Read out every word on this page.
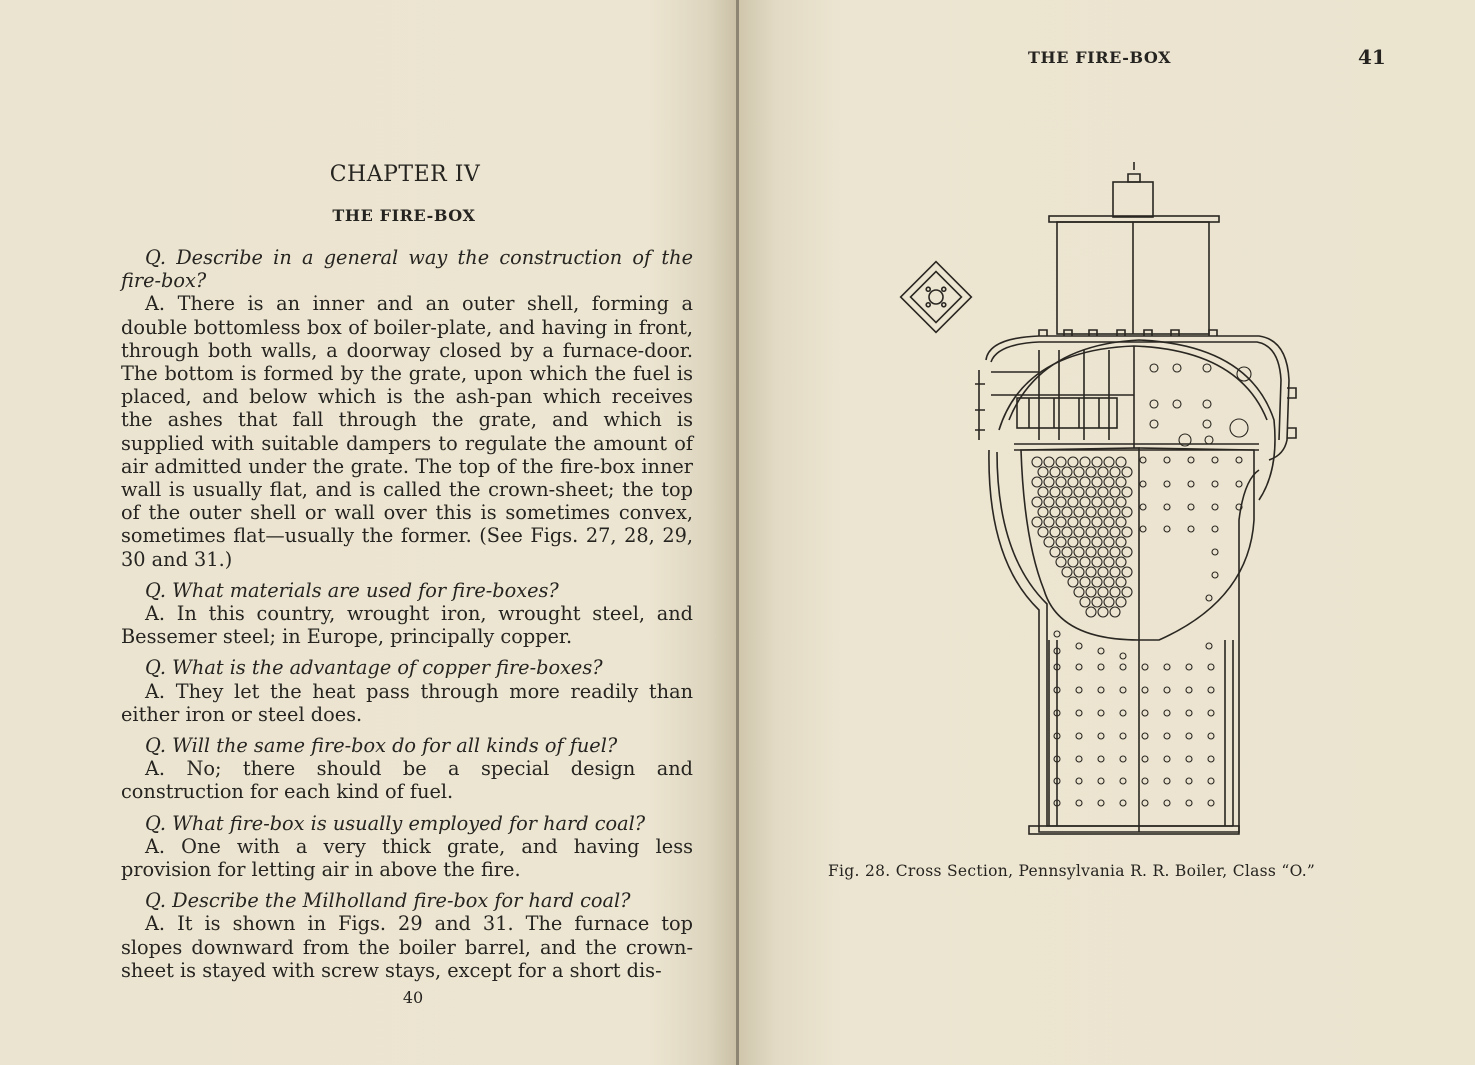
CHAPTER IV
THE FIRE-BOX
Q. Describe in a general way the construction of the fire-box?
A. There is an inner and an outer shell, forming a double bottomless box of boiler-plate, and having in front, through both walls, a doorway closed by a furnace-door. The bottom is formed by the grate, upon which the fuel is placed, and below which is the ash-pan which receives the ashes that fall through the grate, and which is supplied with suitable dampers to regulate the amount of air admitted under the grate. The top of the fire-box inner wall is usually flat, and is called the crown-sheet; the top of the outer shell or wall over this is sometimes convex, sometimes flat—usually the former. (See Figs. 27, 28, 29, 30 and 31.)
Q. What materials are used for fire-boxes?
A. In this country, wrought iron, wrought steel, and Bessemer steel; in Europe, principally copper.
Q. What is the advantage of copper fire-boxes?
A. They let the heat pass through more readily than either iron or steel does.
Q. Will the same fire-box do for all kinds of fuel?
A. No; there should be a special design and construction for each kind of fuel.
Q. What fire-box is usually employed for hard coal?
A. One with a very thick grate, and having less provision for letting air in above the fire.
Q. Describe the Milholland fire-box for hard coal?
A. It is shown in Figs. 29 and 31. The furnace top slopes downward from the boiler barrel, and the crown-sheet is stayed with screw stays, except for a short dis-
40
THE FIRE-BOX	41
Fig. 28. Cross Section, Pennsylvania R. R. Boiler, Class “O.”
